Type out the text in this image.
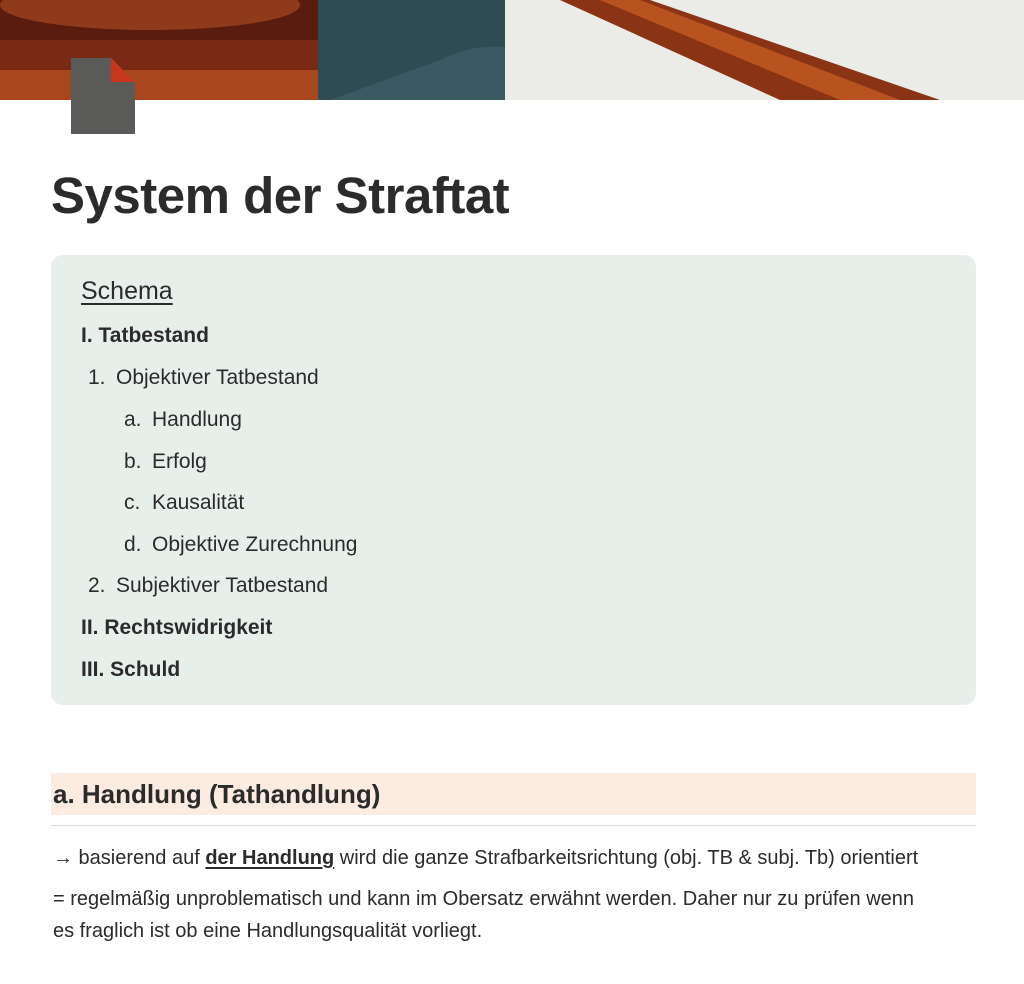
System der Straftat
Schema
I. Tatbestand
1. Objektiver Tatbestand
a. Handlung
b. Erfolg
c. Kausalität
d. Objektive Zurechnung
2. Subjektiver Tatbestand
II. Rechtswidrigkeit
III. Schuld
a. Handlung (Tathandlung)

→ basierend auf der Handlung wird die ganze Strafbarkeitsrichtung (obj. TB & subj. Tb) orientiert

= regelmäßig unproblematisch und kann im Obersatz erwähnt werden. Daher nur zu prüfen wenn
es fraglich ist ob eine Handlungsqualität vorliegt.
